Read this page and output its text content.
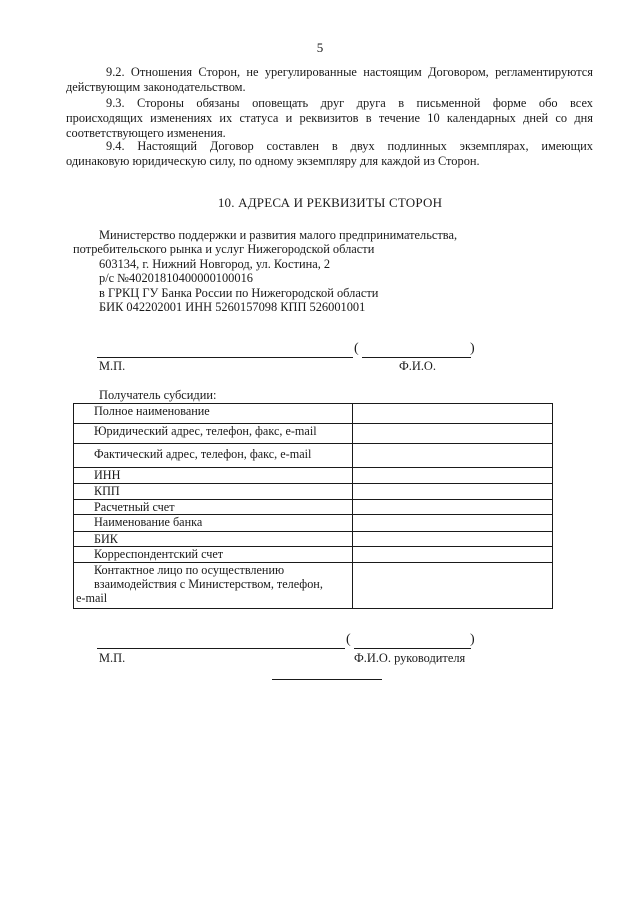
5
9.2. Отношения Сторон, не урегулированные настоящим Договором, регламентируются
действующим законодательством.
9.3. Стороны обязаны оповещать друг друга в письменной форме обо всех
происходящих изменениях их статуса и реквизитов в течение 10 календарных дней со дня
соответствующего изменения.
9.4. Настоящий Договор составлен в двух подлинных экземплярах, имеющих
одинаковую юридическую силу, по одному экземпляру для каждой из Сторон.
10. АДРЕСА И РЕКВИЗИТЫ СТОРОН
Министерство поддержки и развития малого предпринимательства,
потребительского рынка и услуг Нижегородской области
603134, г. Нижний Новгород, ул. Костина, 2
р/с №40201810400000100016
в ГРКЦ ГУ Банка России по Нижегородской области
БИК 042202001 ИНН 5260157098 КПП 526001001
(	)
М.П.	Ф.И.О.
Получатель субсидии:
Полное наименование	
Юридический адрес, телефон, факс, e-mail	
Фактический адрес, телефон, факс, e-mail	
ИНН	
КПП	
Расчетный счет	
Наименование банка	
БИК	
Корреспондентский счет	

Контактное лицо по осуществлению
взаимодействия с Министерством, телефон,
e-mail	

(	)
М.П.	Ф.И.О. руководителя
